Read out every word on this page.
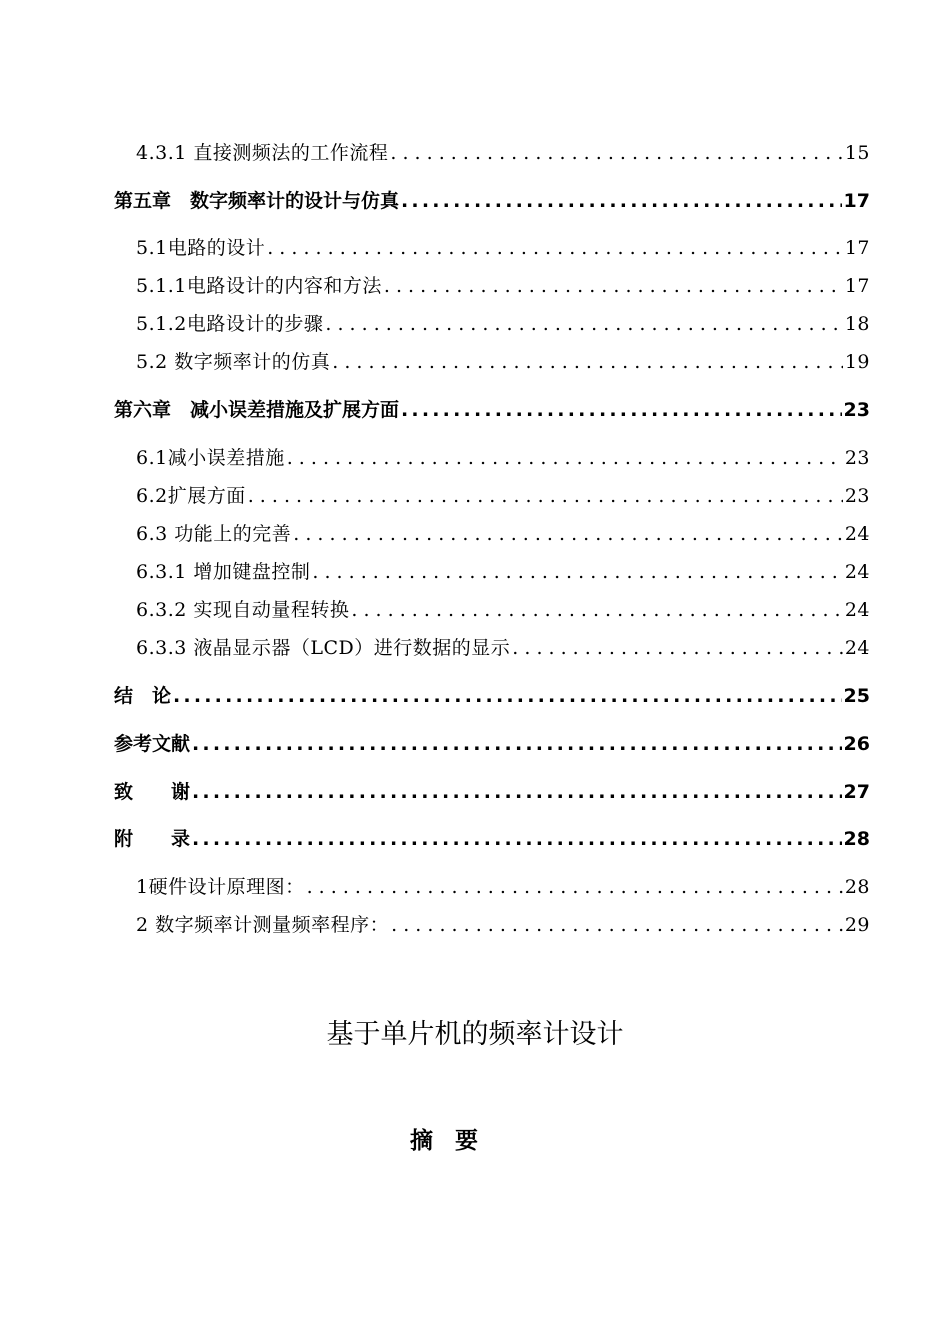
4.3.1 直接测频法的工作流程 . . .	15
第五章　数字频率计的设计与仿真 .....	17
5.1电路的设计 . . .	17
5.1.1电路设计的内容和方法 . . .	17
5.1.2电路设计的步骤 . . .	18
5.2 数字频率计的仿真 . . .	19
第六章　减小误差措施及扩展方面 .....	23
6.1减小误差措施 . . .	23
6.2扩展方面 . . .	23
6.3 功能上的完善 . . .	24
6.3.1 增加键盘控制 . . .	24
6.3.2 实现自动量程转换 . . .	24
6.3.3 液晶显示器（LCD）进行数据的显示 . . .	24
结　论 .....	25
参考文献 .....	26
致　　谢 .....	27
附　　录 .....	28
1硬件设计原理图： . . .	28
2 数字频率计测量频率程序： . . .	29
基于单片机的频率计设计
摘要
